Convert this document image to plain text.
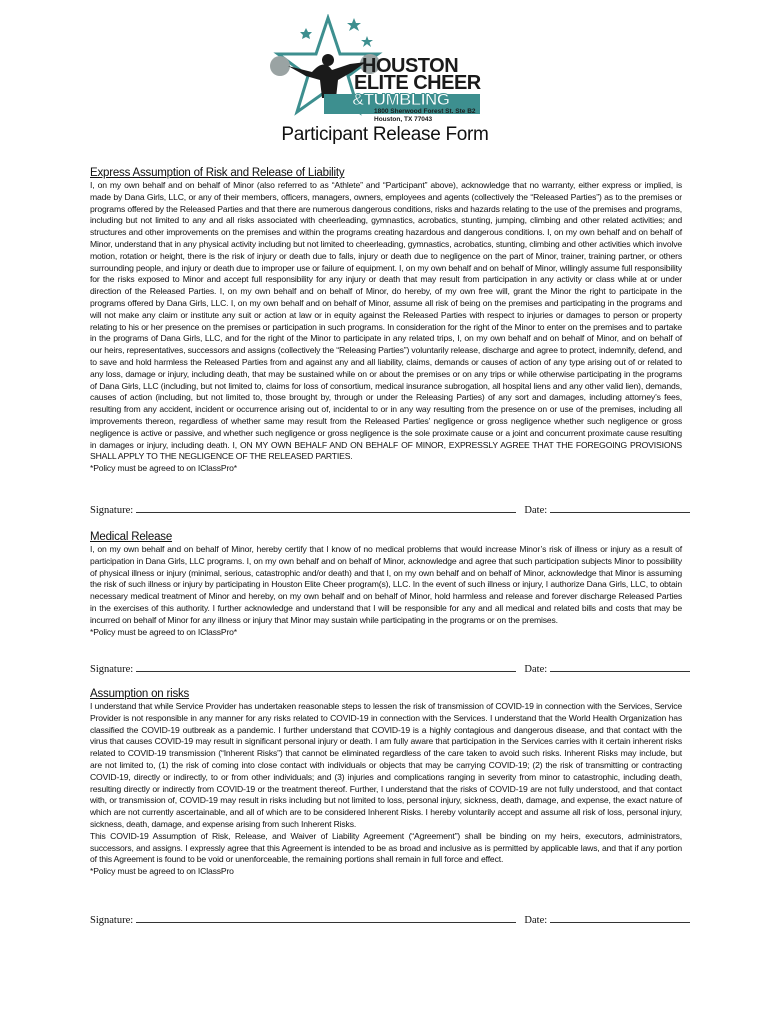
HOUSTON
ELITE CHEER
&TUMBLING
1800 Sherwood Forest St. Ste B2
Houston, TX 77043
Participant Release Form

Express Assumption of Risk and Release of Liability

I, on my own behalf and on behalf of Minor (also referred to as “Athlete” and “Participant” above), acknowledge that no warranty, either express or implied, is made by Dana Girls, LLC, or any of their members, officers, managers, owners, employees and agents (collectively the “Released Parties”) as to the premises or programs offered by the Released Parties and that there are numerous dangerous conditions, risks and hazards relating to the use of the premises and programs, including but not limited to any and all risks associated with cheerleading, gymnastics, acrobatics, stunting, jumping, climbing and other related activities; and structures and other improvements on the premises and within the programs creating hazardous and dangerous conditions. I, on my own behalf and on behalf of Minor, understand that in any physical activity including but not limited to cheerleading, gymnastics, acrobatics, stunting, climbing and other activities which involve motion, rotation or height, there is the risk of injury or death due to falls, injury or death due to negligence on the part of Minor, trainer, training partner, or others surrounding people, and injury or death due to improper use or failure of equipment. I, on my own behalf and on behalf of Minor, willingly assume full responsibility for the risks exposed to Minor and accept full responsibility for any injury or death that may result from participation in any activity or class while at or under direction of the Released Parties. I, on my own behalf and on behalf of Minor, do hereby, of my own free will, grant the Minor the right to participate in the programs offered by Dana Girls, LLC. I, on my own behalf and on behalf of Minor, assume all risk of being on the premises and participating in the programs and will not make any claim or institute any suit or action at law or in equity against the Released Parties with respect to injuries or damages to person or property relating to his or her presence on the premises or participation in such programs. In consideration for the right of the Minor to enter on the premises and to partake in the programs of Dana Girls, LLC, and for the right of the Minor to participate in any related trips, I, on my own behalf and on behalf of Minor, and on behalf of our heirs, representatives, successors and assigns (collectively the “Releasing Parties”) voluntarily release, discharge and agree to protect, indemnify, defend, and to save and hold harmless the Released Parties from and against any and all liability, claims, demands or causes of action of any type arising out of or related to any loss, damage or injury, including death, that may be sustained while on or about the premises or on any trips or while otherwise participating in the programs of Dana Girls, LLC (including, but not limited to, claims for loss of consortium, medical insurance subrogation, all hospital liens and any other valid lien), demands, causes of action (including, but not limited to, those brought by, through or under the Releasing Parties) of any sort and damages, including attorney’s fees, resulting from any accident, incident or occurrence arising out of, incidental to or in any way resulting from the presence on or use of the premises, including all improvements thereon, regardless of whether same may result from the Released Parties’ negligence or gross negligence whether such negligence or gross negligence is active or passive, and whether such negligence or gross negligence is the sole proximate cause or a joint and concurrent proximate cause resulting in damages or injury, including death. I, ON MY OWN BEHALF AND ON BEHALF OF MINOR, EXPRESSLY AGREE THAT THE FOREGOING PROVISIONS SHALL APPLY TO THE NEGLIGENCE OF THE RELEASED PARTIES.

*Policy must be agreed to on IClassPro*

Signature:	Date:

Medical Release

I, on my own behalf and on behalf of Minor, hereby certify that I know of no medical problems that would increase Minor’s risk of illness or injury as a result of participation in Dana Girls, LLC programs. I, on my own behalf and on behalf of Minor, acknowledge and agree that such participation subjects Minor to possibility of physical illness or injury (minimal, serious, catastrophic and/or death) and that I, on my own behalf and on behalf of Minor, acknowledge that Minor is assuming the risk of such illness or injury by participating in Houston Elite Cheer program(s), LLC. In the event of such illness or injury, I authorize Dana Girls, LLC, to obtain necessary medical treatment of Minor and hereby, on my own behalf and on behalf of Minor, hold harmless and release and forever discharge Released Parties in the exercises of this authority. I further acknowledge and understand that I will be responsible for any and all medical and related bills and costs that may be incurred on behalf of Minor for any illness or injury that Minor may sustain while participating in the programs or on the premises.

*Policy must be agreed to on IClassPro*

Signature:	Date:

Assumption on risks

I understand that while Service Provider has undertaken reasonable steps to lessen the risk of transmission of COVID-19 in connection with the Services, Service Provider is not responsible in any manner for any risks related to COVID-19 in connection with the Services. I understand that the World Health Organization has classified the COVID-19 outbreak as a pandemic. I further understand that COVID-19 is a highly contagious and dangerous disease, and that contact with the virus that causes COVID-19 may result in significant personal injury or death. I am fully aware that participation in the Services carries with it certain inherent risks related to COVID-19 transmission (“Inherent Risks”) that cannot be eliminated regardless of the care taken to avoid such risks. Inherent Risks may include, but are not limited to, (1) the risk of coming into close contact with individuals or objects that may be carrying COVID-19; (2) the risk of transmitting or contracting COVID-19, directly or indirectly, to or from other individuals; and (3) injuries and complications ranging in severity from minor to catastrophic, including death, resulting directly or indirectly from COVID-19 or the treatment thereof. Further, I understand that the risks of COVID-19 are not fully understood, and that contact with, or transmission of, COVID-19 may result in risks including but not limited to loss, personal injury, sickness, death, damage, and expense, the exact nature of which are not currently ascertainable, and all of which are to be considered Inherent Risks. I hereby voluntarily accept and assume all risk of loss, personal injury, sickness, death, damage, and expense arising from such Inherent Risks.

This COVID-19 Assumption of Risk, Release, and Waiver of Liability Agreement (“Agreement”) shall be binding on my heirs, executors, administrators, successors, and assigns. I expressly agree that this Agreement is intended to be as broad and inclusive as is permitted by applicable laws, and that if any portion of this Agreement is found to be void or unenforceable, the remaining portions shall remain in full force and effect.

*Policy must be agreed to on IClassPro

Signature:	Date:
